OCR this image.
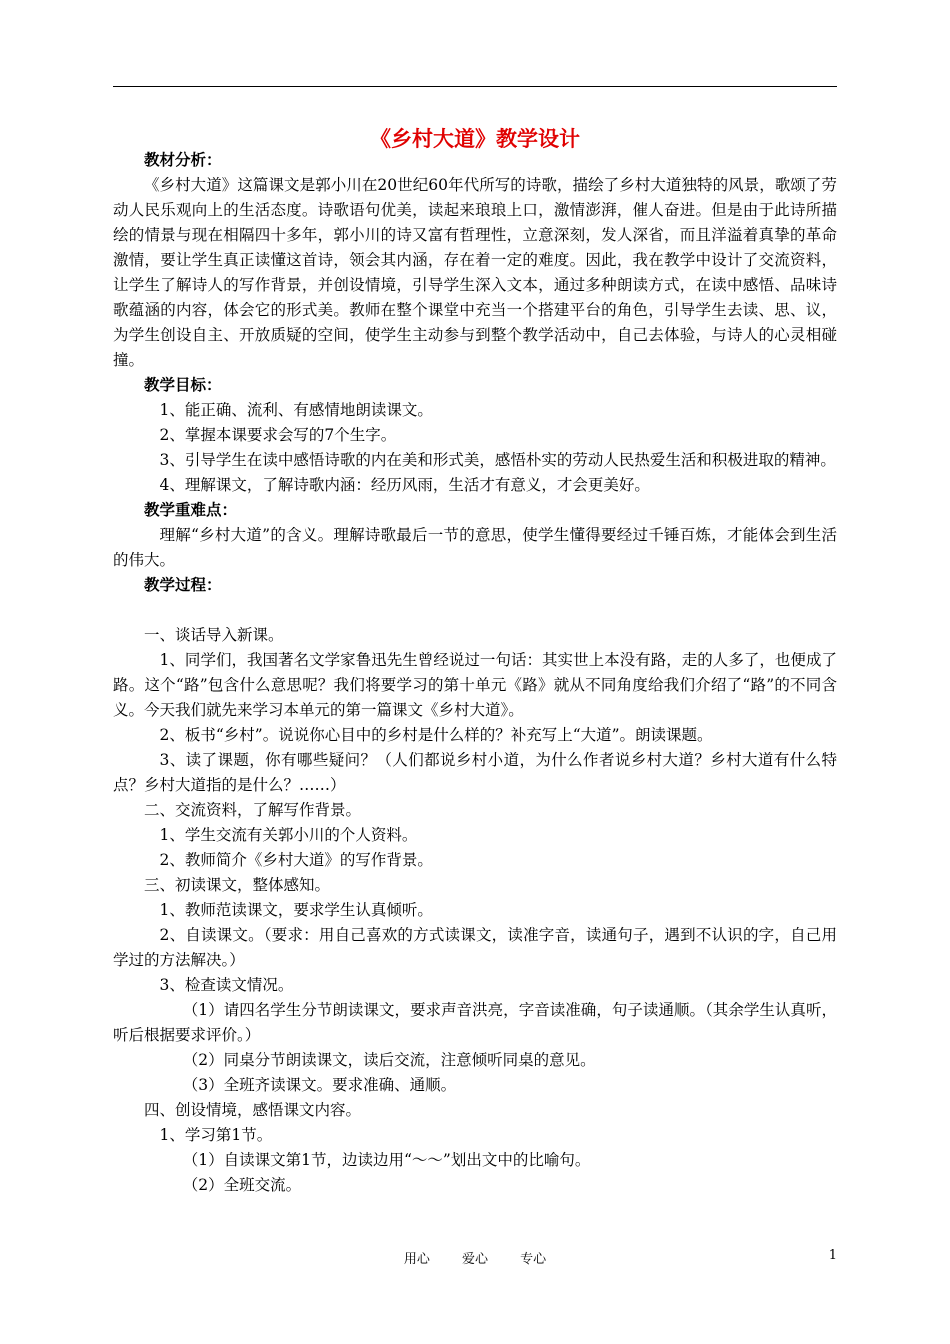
《乡村大道》教学设计

教材分析：

《乡村大道》这篇课文是郭小川在20世纪60年代所写的诗歌，描绘了乡村大道独特的风景，歌颂了劳动人民乐观向上的生活态度。诗歌语句优美，读起来琅琅上口，激情澎湃，催人奋进。但是由于此诗所描绘的情景与现在相隔四十多年，郭小川的诗又富有哲理性，立意深刻，发人深省，而且洋溢着真挚的革命激情，要让学生真正读懂这首诗，领会其内涵，存在着一定的难度。因此，我在教学中设计了交流资料，让学生了解诗人的写作背景，并创设情境，引导学生深入文本，通过多种朗读方式，在读中感悟、品味诗歌蕴涵的内容，体会它的形式美。教师在整个课堂中充当一个搭建平台的角色，引导学生去读、思、议，为学生创设自主、开放质疑的空间，使学生主动参与到整个教学活动中，自己去体验，与诗人的心灵相碰撞。

教学目标：

1、能正确、流利、有感情地朗读课文。

2、掌握本课要求会写的7个生字。

3、引导学生在读中感悟诗歌的内在美和形式美，感悟朴实的劳动人民热爱生活和积极进取的精神。

4、理解课文，了解诗歌内涵：经历风雨，生活才有意义，才会更美好。

教学重难点：

理解“乡村大道”的含义。理解诗歌最后一节的意思，使学生懂得要经过千锤百炼，才能体会到生活的伟大。

教学过程：

一、谈话导入新课。

1、同学们，我国著名文学家鲁迅先生曾经说过一句话：其实世上本没有路，走的人多了，也便成了路。这个“路”包含什么意思呢？我们将要学习的第十单元《路》就从不同角度给我们介绍了“路”的不同含义。今天我们就先来学习本单元的第一篇课文《乡村大道》。

2、板书“乡村”。说说你心目中的乡村是什么样的？补充写上“大道”。朗读课题。

3、读了课题，你有哪些疑问？（人们都说乡村小道，为什么作者说乡村大道？乡村大道有什么特点？乡村大道指的是什么？……）

二、交流资料，了解写作背景。

1、学生交流有关郭小川的个人资料。

2、教师简介《乡村大道》的写作背景。

三、初读课文，整体感知。

1、教师范读课文，要求学生认真倾听。

2、自读课文。（要求：用自己喜欢的方式读课文，读准字音，读通句子，遇到不认识的字，自己用学过的方法解决。）

3、检查读文情况。

（1）请四名学生分节朗读课文，要求声音洪亮，字音读准确，句子读通顺。（其余学生认真听，听后根据要求评价。）

（2）同桌分节朗读课文，读后交流，注意倾听同桌的意见。

（3）全班齐读课文。要求准确、通顺。

四、创设情境，感悟课文内容。

1、学习第1节。

（1）自读课文第1节，边读边用“～～”划出文中的比喻句。

（2）全班交流。

用心 爱心 专心	1
